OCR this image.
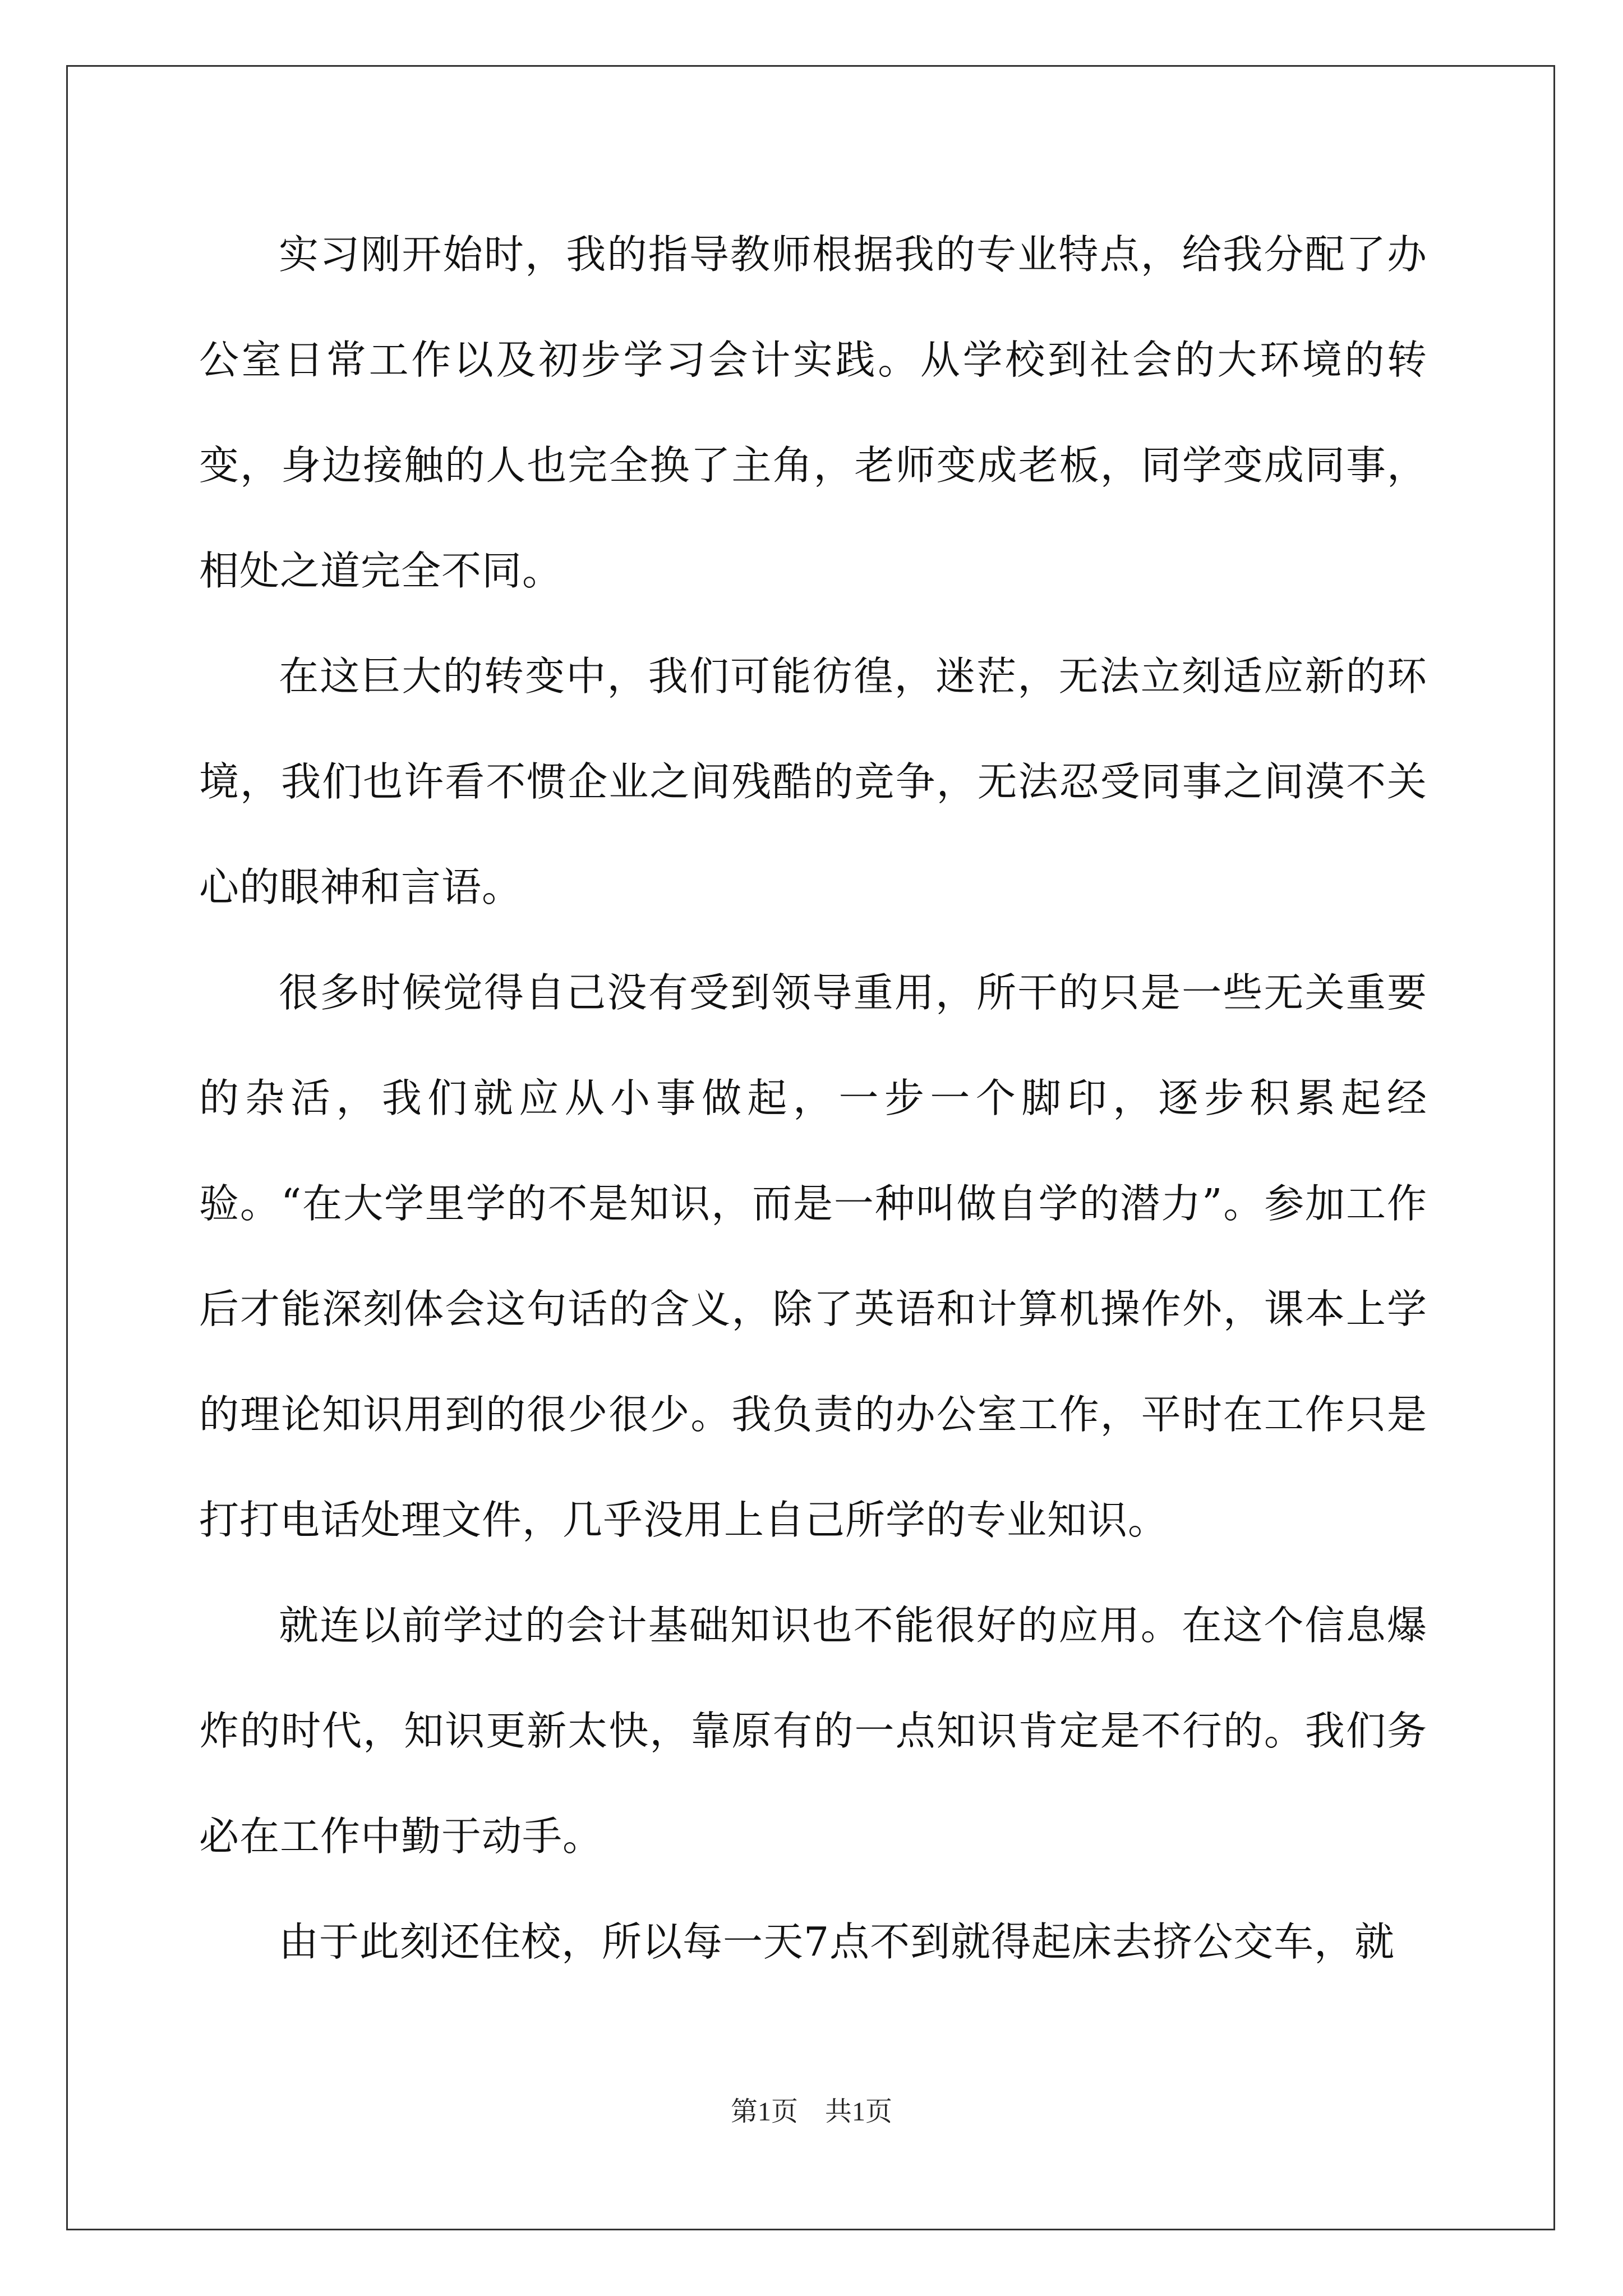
实习刚开始时，我的指导教师根据我的专业特点，给我分配了办公室日常工作以及初步学习会计实践。从学校到社会的大环境的转变，身边接触的人也完全换了主角，老师变成老板，同学变成同事，相处之道完全不同。

在这巨大的转变中，我们可能彷徨，迷茫，无法立刻适应新的环境，我们也许看不惯企业之间残酷的竞争，无法忍受同事之间漠不关心的眼神和言语。

很多时候觉得自己没有受到领导重用，所干的只是一些无关重要的杂活，我们就应从小事做起，一步一个脚印，逐步积累起经验。“在大学里学的不是知识，而是一种叫做自学的潜力”。参加工作后才能深刻体会这句话的含义，除了英语和计算机操作外，课本上学的理论知识用到的很少很少。我负责的办公室工作，平时在工作只是打打电话处理文件，几乎没用上自己所学的专业知识。

就连以前学过的会计基础知识也不能很好的应用。在这个信息爆炸的时代，知识更新太快，靠原有的一点知识肯定是不行的。我们务必在工作中勤于动手。

由于此刻还住校，所以每一天7点不到就得起床去挤公交车，就

第1页 共1页
